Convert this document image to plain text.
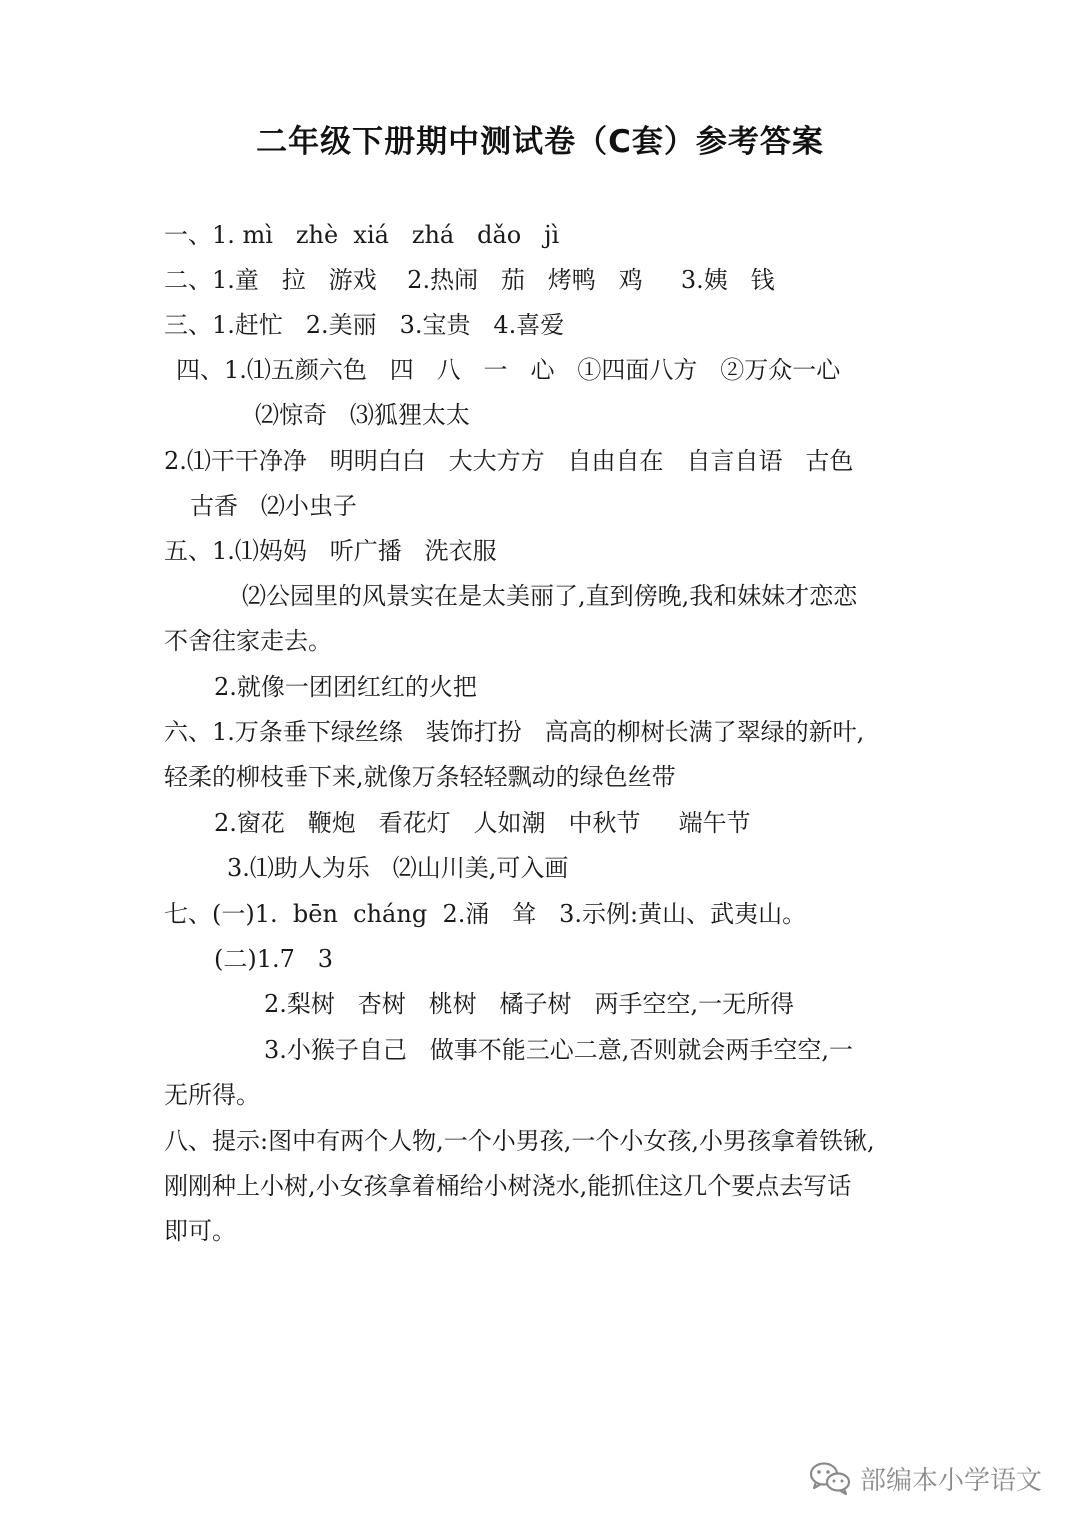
二年级下册期中测试卷（C套）参考答案
一、1. mì   zhè  xiá   zhá   dǎo   jì
二、1.童   拉   游戏    2.热闹   茄   烤鸭   鸡     3.姨   钱
三、1.赶忙   2.美丽   3.宝贵   4.喜爱
四、1.⑴五颜六色   四   八   一   心   ①四面八方   ②万众一心
⑵惊奇   ⑶狐狸太太
2.⑴干干净净   明明白白   大大方方   自由自在   自言自语   古色
古香   ⑵小虫子
五、1.⑴妈妈   听广播   洗衣服
⑵公园里的风景实在是太美丽了,直到傍晚,我和妹妹才恋恋
不舍往家走去。
2.就像一团团红红的火把
六、1.万条垂下绿丝绦   装饰打扮   高高的柳树长满了翠绿的新叶,
轻柔的柳枝垂下来,就像万条轻轻飘动的绿色丝带
2.窗花   鞭炮   看花灯   人如潮   中秋节     端午节
3.⑴助人为乐   ⑵山川美,可入画
七、(一)1.  bēn  cháng  2.涌   耸   3.示例:黄山、武夷山。
(二)1.7   3
2.梨树   杏树   桃树   橘子树   两手空空,一无所得
3.小猴子自己   做事不能三心二意,否则就会两手空空,一
无所得。
八、提示:图中有两个人物,一个小男孩,一个小女孩,小男孩拿着铁锹,
刚刚种上小树,小女孩拿着桶给小树浇水,能抓住这几个要点去写话
即可。
部编本小学语文
